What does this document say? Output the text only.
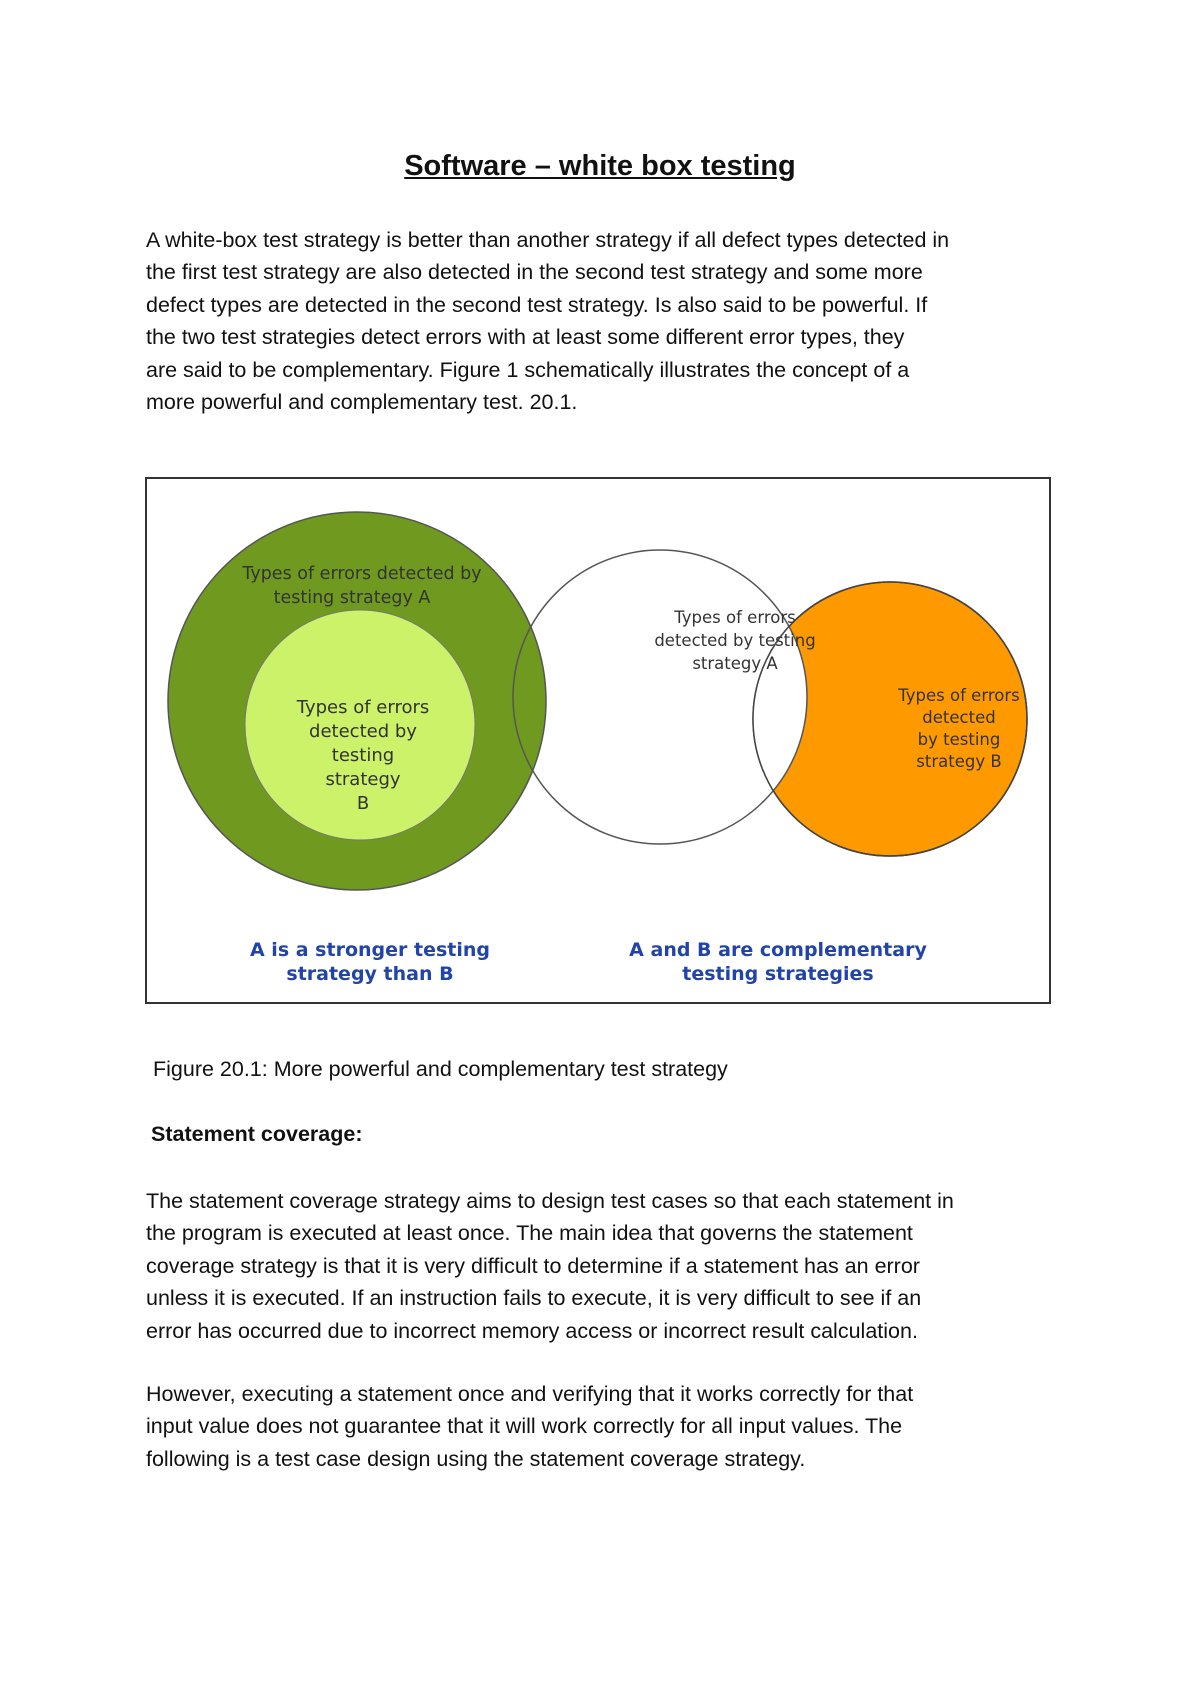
Software – white box testing

A white-box test strategy is better than another strategy if all defect types detected in

the first test strategy are also detected in the second test strategy and some more

defect types are detected in the second test strategy. Is also said to be powerful. If

the two test strategies detect errors with at least some different error types, they

are said to be complementary. Figure 1 schematically illustrates the concept of a

more powerful and complementary test. 20.1.

Types of errors detected by
testing strategy A
Types of errors
detected by
testing
strategy
B
Types of errors
detected by testing
strategy A
Types of errors
detected
by testing
strategy B
A is a stronger testing
strategy than B
A and B are complementary
testing strategies
Figure 20.1: More powerful and complementary test strategy
Statement coverage:

The statement coverage strategy aims to design test cases so that each statement in

the program is executed at least once. The main idea that governs the statement

coverage strategy is that it is very difficult to determine if a statement has an error

unless it is executed. If an instruction fails to execute, it is very difficult to see if an

error has occurred due to incorrect memory access or incorrect result calculation.

However, executing a statement once and verifying that it works correctly for that

input value does not guarantee that it will work correctly for all input values. The

following is a test case design using the statement coverage strategy.
